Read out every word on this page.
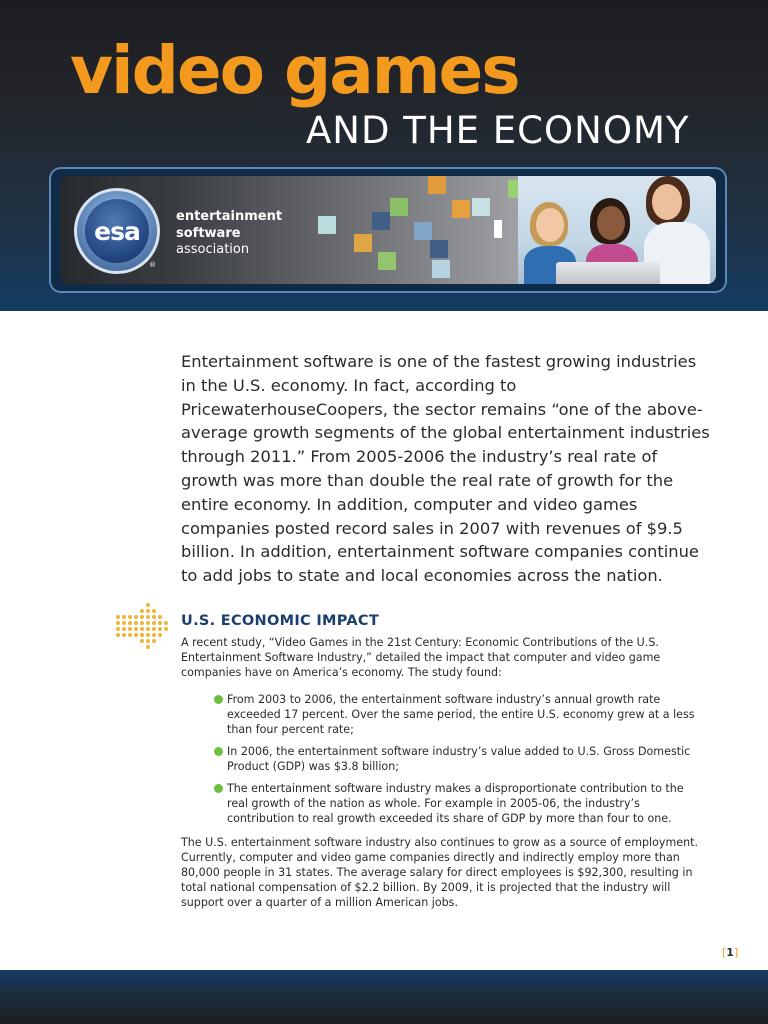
video games
AND THE ECONOMY
esa
®
entertainment
software
association
Entertainment software is one of the fastest growing industries in the U.S. economy. In fact, according to PricewaterhouseCoopers, the sector remains “one of the above-average growth segments of the global entertainment industries through 2011.” From 2005-2006 the industry’s real rate of growth was more than double the real rate of growth for the entire economy. In addition, computer and video games companies posted record sales in 2007 with revenues of $9.5 billion. In addition, entertainment software companies continue to add jobs to state and local economies across the nation.
U.S. ECONOMIC IMPACT
A recent study, “Video Games in the 21st Century: Economic Contributions of the U.S. Entertainment Software Industry,” detailed the impact that computer and video game companies have on America’s economy. The study found:
From 2003 to 2006, the entertainment software industry’s annual growth rate exceeded 17 percent. Over the same period, the entire U.S. economy grew at a less than four percent rate;
In 2006, the entertainment software industry’s value added to U.S. Gross Domestic Product (GDP) was $3.8 billion;
The entertainment software industry makes a disproportionate contribution to the real growth of the nation as whole. For example in 2005-06, the industry’s contribution to real growth exceeded its share of GDP by more than four to one.
The U.S. entertainment software industry also continues to grow as a source of employment. Currently, computer and video game companies directly and indirectly employ more than 80,000 people in 31 states. The average salary for direct employees is $92,300, resulting in total national compensation of $2.2 billion. By 2009, it is projected that the industry will support over a quarter of a million American jobs.
[1]
